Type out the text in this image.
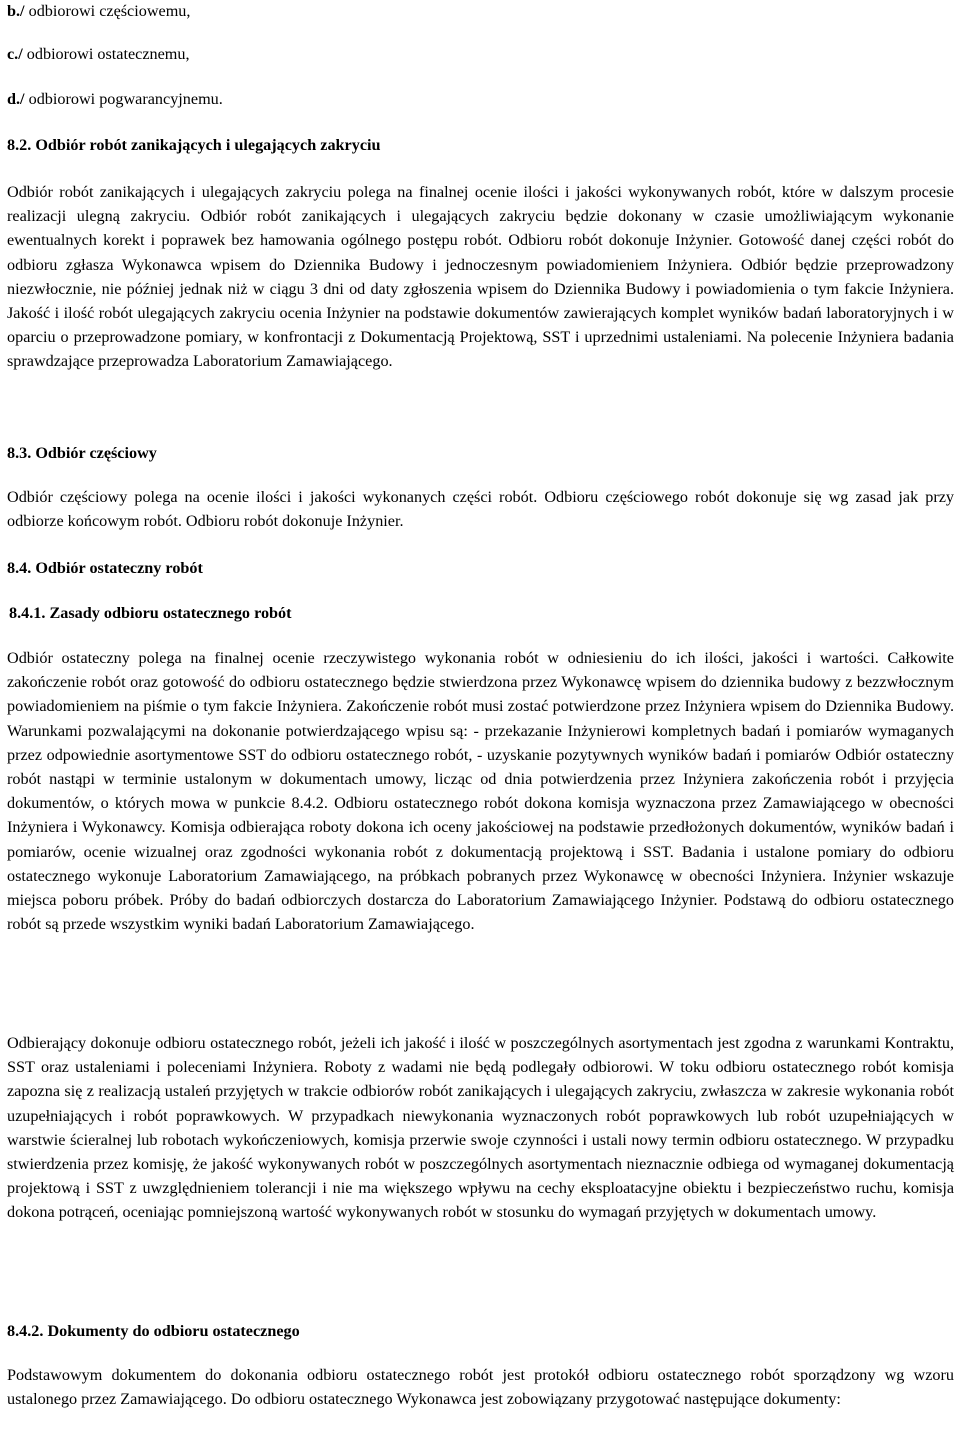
b./ odbiorowi częściowemu,

c./ odbiorowi ostatecznemu,

d./ odbiorowi pogwarancyjnemu.

8.2. Odbiór robót zanikających i ulegających zakryciu

Odbiór robót zanikających i ulegających zakryciu polega na finalnej ocenie ilości i jakości wykonywanych robót, które w dalszym procesie realizacji ulegną zakryciu. Odbiór robót zanikających i ulegających zakryciu będzie dokonany w czasie umożliwiającym wykonanie ewentualnych korekt i poprawek bez hamowania ogólnego postępu robót. Odbioru robót dokonuje Inżynier. Gotowość danej części robót do odbioru zgłasza Wykonawca wpisem do Dziennika Budowy i jednoczesnym powiadomieniem Inżyniera. Odbiór będzie przeprowadzony niezwłocznie, nie później jednak niż w ciągu 3 dni od daty zgłoszenia wpisem do Dziennika Budowy i powiadomienia o tym fakcie Inżyniera. Jakość i ilość robót ulegających zakryciu ocenia Inżynier na podstawie dokumentów zawierających komplet wyników badań laboratoryjnych i w oparciu o przeprowadzone pomiary, w konfrontacji z Dokumentacją Projektową, SST i uprzednimi ustaleniami. Na polecenie Inżyniera badania sprawdzające przeprowadza Laboratorium Zamawiającego.

8.3. Odbiór częściowy

Odbiór częściowy polega na ocenie ilości i jakości wykonanych części robót. Odbioru częściowego robót dokonuje się wg zasad jak przy odbiorze końcowym robót. Odbioru robót dokonuje Inżynier.

8.4. Odbiór ostateczny robót

8.4.1. Zasady odbioru ostatecznego robót

Odbiór ostateczny polega na finalnej ocenie rzeczywistego wykonania robót w odniesieniu do ich ilości, jakości i wartości. Całkowite zakończenie robót oraz gotowość do odbioru ostatecznego będzie stwierdzona przez Wykonawcę wpisem do dziennika budowy z bezzwłocznym powiadomieniem na piśmie o tym fakcie Inżyniera. Zakończenie robót musi zostać potwierdzone przez Inżyniera wpisem do Dziennika Budowy. Warunkami pozwalającymi na dokonanie potwierdzającego wpisu są: - przekazanie Inżynierowi kompletnych badań i pomiarów wymaganych przez odpowiednie asortymentowe SST do odbioru ostatecznego robót, - uzyskanie pozytywnych wyników badań i pomiarów Odbiór ostateczny robót nastąpi w terminie ustalonym w dokumentach umowy, licząc od dnia potwierdzenia przez Inżyniera zakończenia robót i przyjęcia dokumentów, o których mowa w punkcie 8.4.2. Odbioru ostatecznego robót dokona komisja wyznaczona przez Zamawiającego w obecności Inżyniera i Wykonawcy. Komisja odbierająca roboty dokona ich oceny jakościowej na podstawie przedłożonych dokumentów, wyników badań i pomiarów, ocenie wizualnej oraz zgodności wykonania robót z dokumentacją projektową i SST. Badania i ustalone pomiary do odbioru ostatecznego wykonuje Laboratorium Zamawiającego, na próbkach pobranych przez Wykonawcę w obecności Inżyniera. Inżynier wskazuje miejsca poboru próbek. Próby do badań odbiorczych dostarcza do Laboratorium Zamawiającego Inżynier. Podstawą do odbioru ostatecznego robót są przede wszystkim wyniki badań Laboratorium Zamawiającego.

Odbierający dokonuje odbioru ostatecznego robót, jeżeli ich jakość i ilość w poszczególnych asortymentach jest zgodna z warunkami Kontraktu, SST oraz ustaleniami i poleceniami Inżyniera. Roboty z wadami nie będą podlegały odbiorowi. W toku odbioru ostatecznego robót komisja zapozna się z realizacją ustaleń przyjętych w trakcie odbiorów robót zanikających i ulegających zakryciu, zwłaszcza w zakresie wykonania robót uzupełniających i robót poprawkowych. W przypadkach niewykonania wyznaczonych robót poprawkowych lub robót uzupełniających w warstwie ścieralnej lub robotach wykończeniowych, komisja przerwie swoje czynności i ustali nowy termin odbioru ostatecznego. W przypadku stwierdzenia przez komisję, że jakość wykonywanych robót w poszczególnych asortymentach nieznacznie odbiega od wymaganej dokumentacją projektową i SST z uwzględnieniem tolerancji i nie ma większego wpływu na cechy eksploatacyjne obiektu i bezpieczeństwo ruchu, komisja dokona potrąceń, oceniając pomniejszoną wartość wykonywanych robót w stosunku do wymagań przyjętych w dokumentach umowy.

8.4.2. Dokumenty do odbioru ostatecznego

Podstawowym dokumentem do dokonania odbioru ostatecznego robót jest protokół odbioru ostatecznego robót sporządzony wg wzoru ustalonego przez Zamawiającego. Do odbioru ostatecznego Wykonawca jest zobowiązany przygotować następujące dokumenty:
